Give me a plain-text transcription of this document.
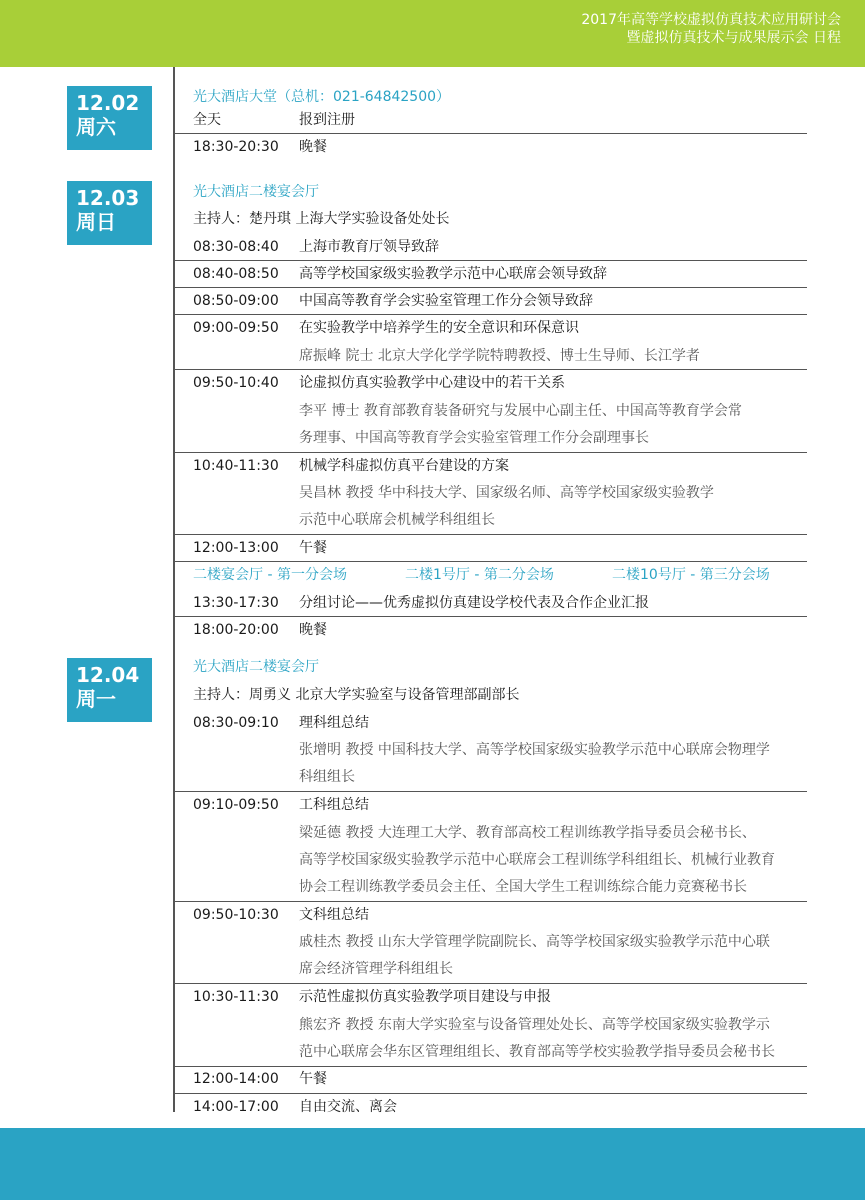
2017年高等学校虚拟仿真技术应用研讨会
暨虚拟仿真技术与成果展示会 日程
12.02
周六
12.03
周日
12.04
周一
光大酒店大堂（总机：021-64842500）
全天	报到注册
18:30-20:30 晚餐
光大酒店二楼宴会厅
主持人：楚丹琪 上海大学实验设备处处长
08:30-08:40 上海市教育厅领导致辞
08:40-08:50 高等学校国家级实验教学示范中心联席会领导致辞
08:50-09:00 中国高等教育学会实验室管理工作分会领导致辞
09:00-09:50 在实验教学中培养学生的安全意识和环保意识
席振峰 院士 北京大学化学学院特聘教授、博士生导师、长江学者
09:50-10:40 论虚拟仿真实验教学中心建设中的若干关系
李平 博士 教育部教育装备研究与发展中心副主任、中国高等教育学会常
务理事、中国高等教育学会实验室管理工作分会副理事长
10:40-11:30 机械学科虚拟仿真平台建设的方案
吴昌林 教授 华中科技大学、国家级名师、高等学校国家级实验教学
示范中心联席会机械学科组组长
12:00-13:00 午餐
二楼宴会厅 - 第一分会场	二楼1号厅 - 第二分会场	二楼10号厅 - 第三分会场
13:30-17:30 分组讨论——优秀虚拟仿真建设学校代表及合作企业汇报
18:00-20:00 晚餐
光大酒店二楼宴会厅
主持人：周勇义 北京大学实验室与设备管理部副部长
08:30-09:10 理科组总结
张增明 教授 中国科技大学、高等学校国家级实验教学示范中心联席会物理学
科组组长
09:10-09:50 工科组总结
梁延德 教授 大连理工大学、教育部高校工程训练教学指导委员会秘书长、
高等学校国家级实验教学示范中心联席会工程训练学科组组长、机械行业教育
协会工程训练教学委员会主任、全国大学生工程训练综合能力竞赛秘书长
09:50-10:30 文科组总结
戚桂杰 教授 山东大学管理学院副院长、高等学校国家级实验教学示范中心联
席会经济管理学科组组长
10:30-11:30 示范性虚拟仿真实验教学项目建设与申报
熊宏齐 教授 东南大学实验室与设备管理处处长、高等学校国家级实验教学示
范中心联席会华东区管理组组长、教育部高等学校实验教学指导委员会秘书长
12:00-14:00 午餐
14:00-17:00 自由交流、离会
